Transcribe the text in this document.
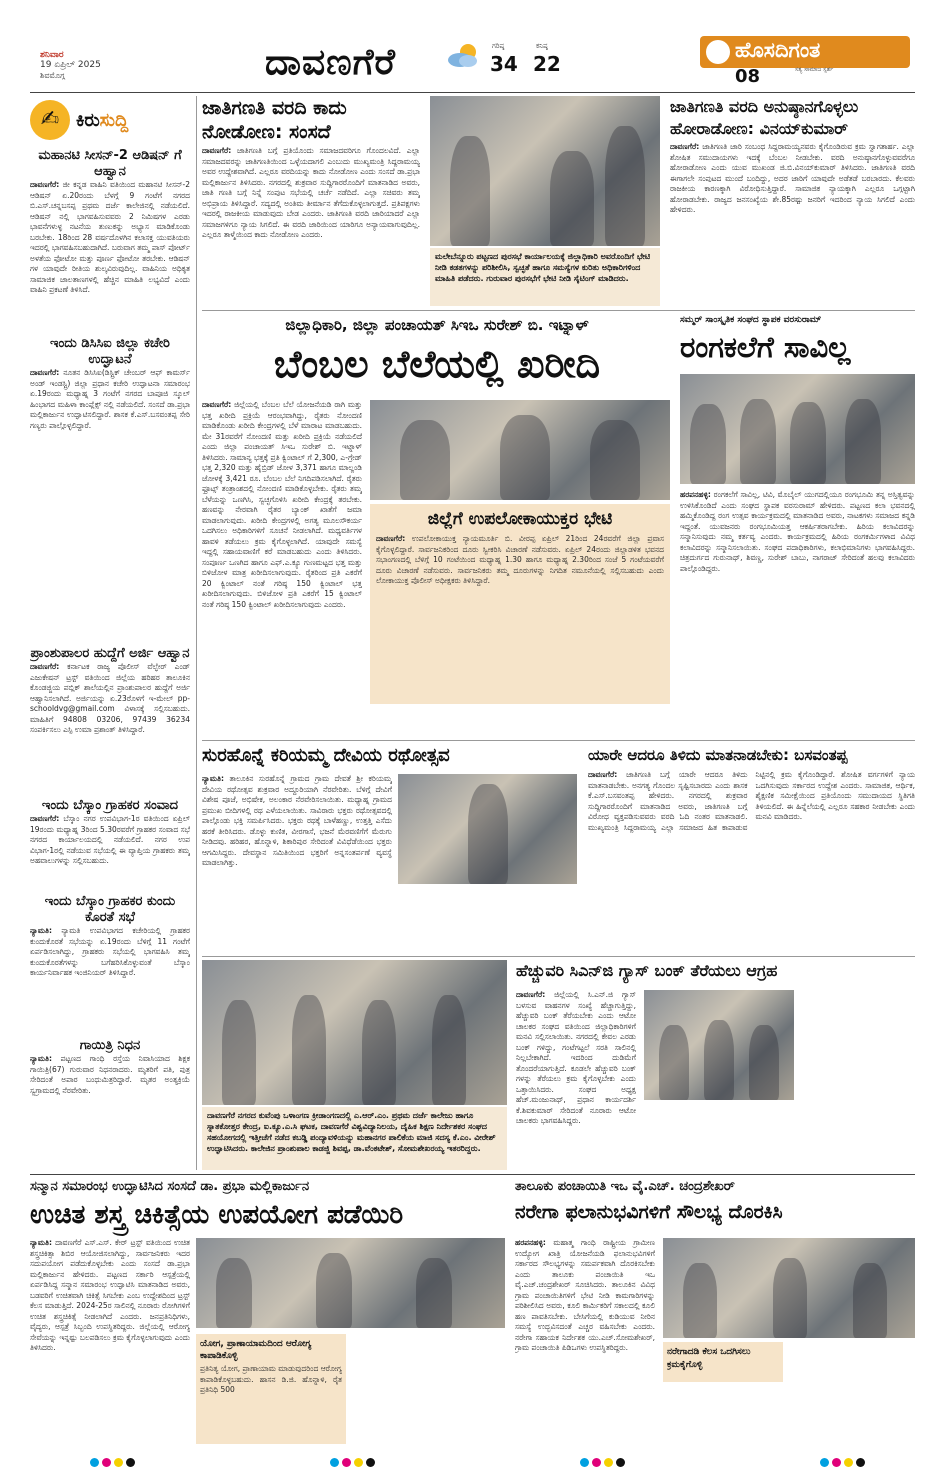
ಶನಿವಾರ
19 ಏಪ್ರಿಲ್ 2025
ಶಿವಮೊಗ್ಗ	ದಾವಣಗೆರೆ	ಗರಿಷ್ಠ
34
ಕನಿಷ್ಠ
22
ಹೊಸದಿಗಂತ
ಸತ್ಯ ಸಾಮಾಜ ಸ್ಪರ್ಶ
08
✍ ಕಿರು ಸುದ್ದಿ
ಮಹಾನಟಿ ಸೀಸನ್-2 ಆಡಿಷನ್ ಗೆ ಆಹ್ವಾನ
ದಾವಣಗೆರೆ: ಜೀ ಕನ್ನಡ ವಾಹಿನಿ ವತಿಯಿಂದ ಮಹಾನಟಿ ಸೀಸನ್-2 ಆಡಿಷನ್ ಏ.20ರಂದು ಬೆಳಗ್ಗೆ 9 ಗಂಟೆಗೆ ನಗರದ ಬಿ.ಎಸ್.ಚನ್ನಬಸಪ್ಪ ಪ್ರಥಮ ದರ್ಜೆ ಕಾಲೇಜಿನಲ್ಲಿ ನಡೆಯಲಿದೆ. ಆಡಿಷನ್ ನಲ್ಲಿ ಭಾಗವಹಿಸುವವರು 2 ನಿಮಿಷಗಳ ಎರಡು ಭಾವನೆಗಳುಳ್ಳ ನಟನೆಯ ತುಣುಕನ್ನು ಅಭ್ಯಾಸ ಮಾಡಿಕೊಂಡು ಬರಬೇಕು. 18ರಿಂದ 28 ವರ್ಷದೊಳಗಿನ ಕಲಾಸಕ್ತ ಯುವತಿಯರು ಇದರಲ್ಲಿ ಭಾಗವಹಿಸಬಹುದಾಗಿದೆ. ಬರುವಾಗ ತಮ್ಮ ಪಾಸ್ ಪೋರ್ಟ್ ಅಳತೆಯ ಫೋಟೋ ಮತ್ತು ಪೂರ್ಣ ಫೋಟೋ ತರಬೇಕು. ಆಡಿಷನ್ ಗಳ ಯಾವುದೇ ರೀತಿಯ ಶುಲ್ಕವಿರುವುದಿಲ್ಲ. ವಾಹಿನಿಯ ಅಧಿಕೃತ ಸಾಮಾಜಿಕ ಜಾಲತಾಣಗಳಲ್ಲಿ ಹೆಚ್ಚಿನ ಮಾಹಿತಿ ಲಭ್ಯವಿದೆ ಎಂದು ವಾಹಿನಿ ಪ್ರಕಟಣೆ ತಿಳಿಸಿದೆ.
ಇಂದು ಡಿಸಿಸಿಐ ಜಿಲ್ಲಾ ಕಚೇರಿ ಉದ್ಘಾಟನೆ
ದಾವಣಗೆರೆ: ನೂತನ ಡಿಸಿಸಿಐ(ಡಿಸ್ಟ್ರಿಕ್ ಚೇಂಬರ್ ಆಫ್ ಕಾಮರ್ಸ್ ಅಂಡ್ ಇಂಡಸ್ಟ್ರಿ) ಜಿಲ್ಲಾ ಪ್ರಧಾನ ಕಚೇರಿ ಉದ್ಘಾಟನಾ ಸಮಾರಂಭ ಏ.19ರಂದು ಮಧ್ಯಾಹ್ನ 3 ಗಂಟೆಗೆ ನಗರದ ಬಾಪೂಜಿ ಸ್ಕೂಲ್ ಹಿಂಭಾಗದ ಮಹಿಳಾ ಕಾಂಪ್ಲೆಕ್ಸ್ ನಲ್ಲಿ ನಡೆಯಲಿದೆ. ಸಂಸದೆ ಡಾ.ಪ್ರಭಾ ಮಲ್ಲಿಕಾರ್ಜುನ ಉದ್ಘಾಟಿಸಲಿದ್ದಾರೆ. ಶಾಸಕ ಕೆ.ಎಸ್.ಬಸವಂತಪ್ಪ ಸೇರಿ ಗಣ್ಯರು ಪಾಲ್ಗೊಳ್ಳಲಿದ್ದಾರೆ.
ಪ್ರಾಂಶುಪಾಲರ ಹುದ್ದೆಗೆ ಅರ್ಜಿ ಆಹ್ವಾನ
ದಾವಣಗೆರೆ: ಕರ್ನಾಟಕ ರಾಜ್ಯ ಪೊಲೀಸ್ ವೆಲ್ಫೇರ್ ಎಂಡ್ ಎಜುಕೇಷನ್ ಟ್ರಸ್ಟ್ ವತಿಯಿಂದ ಜಿಲ್ಲೆಯ ಹರಿಹರ ತಾಲೂಕಿನ ಕೊಂಡಜ್ಜಿಯ ಪಬ್ಲಿಕ್ ಶಾಲೆಯಲ್ಲಿನ ಪ್ರಾಂಶುಪಾಲರ ಹುದ್ದೆಗೆ ಅರ್ಜಿ ಆಹ್ವಾನಿಸಲಾಗಿದೆ. ಅರ್ಜಿಯನ್ನು ಏ.23ರೊಳಗೆ ಇ-ಮೇಲ್ pp-schooldvg@gmail.com ವಿಳಾಸಕ್ಕೆ ಸಲ್ಲಿಸಬಹುದು. ಮಾಹಿತಿಗೆ 94808 03206, 97439 36234 ಸಂಪರ್ಕಿಸಲು ಎಸ್ಪಿ ಉಮಾ ಪ್ರಶಾಂತ್ ತಿಳಿಸಿದ್ದಾರೆ.
ಇಂದು ಬೆಸ್ಕಾಂ ಗ್ರಾಹಕರ ಸಂವಾದ
ದಾವಣಗೆರೆ: ಬೆಸ್ಕಾಂ ನಗರ ಉಪವಿಭಾಗ-1ರ ವತಿಯಿಂದ ಏಪ್ರಿಲ್ 19ರಂದು ಮಧ್ಯಾಹ್ನ 3ರಿಂದ 5.30ರವರೆಗೆ ಗ್ರಾಹಕರ ಸಂವಾದ ಸಭೆ ನಗರದ ಕಾರ್ಯಾಲಯದಲ್ಲಿ ನಡೆಯಲಿದೆ. ನಗರ ಉಪ ವಿಭಾಗ-1ರಲ್ಲಿ ನಡೆಯುವ ಸಭೆಯಲ್ಲಿ ಈ ವ್ಯಾಪ್ತಿಯ ಗ್ರಾಹಕರು ತಮ್ಮ ಅಹವಾಲುಗಳನ್ನು ಸಲ್ಲಿಸಬಹುದು.
ಇಂದು ಬೆಸ್ಕಾಂ ಗ್ರಾಹಕರ ಕುಂದು ಕೊರತೆ ಸಭೆ
ನ್ಯಾಮತಿ: ನ್ಯಾಮತಿ ಉಪವಿಭಾಗದ ಕಚೇರಿಯಲ್ಲಿ ಗ್ರಾಹಕರ ಕುಂದುಕೊರತೆ ಸಭೆಯನ್ನು ಏ.19ರಂದು ಬೆಳಿಗ್ಗೆ 11 ಗಂಟೆಗೆ ಏರ್ಪಡಿಸಲಾಗಿದ್ದು, ಗ್ರಾಹಕರು ಸಭೆಯಲ್ಲಿ ಭಾಗವಹಿಸಿ ತಮ್ಮ ಕುಂದುಕೊರತೆಗಳನ್ನು ಬಗೆಹರಿಸಿಕೊಳ್ಳುವಂತೆ ಬೆಸ್ಕಾಂ ಕಾರ್ಯನಿರ್ವಾಹಕ ಇಂಜಿನಿಯರ್ ತಿಳಿಸಿದ್ದಾರೆ.
ಗಾಯಿತ್ರಿ ನಿಧನ
ನ್ಯಾಮತಿ: ಪಟ್ಟಣದ ಗಾಂಧಿ ರಸ್ತೆಯ ನಿವಾಸಿಯಾದ ಶಿಕ್ಷಕ ಗಾಯಿತ್ರಿ(67) ಗುರುವಾರ ನಿಧನರಾದರು. ಮೃತರಿಗೆ ಪತಿ, ಪುತ್ರ ಸೇರಿದಂತೆ ಅಪಾರ ಬಂಧುಮಿತ್ರರಿದ್ದಾರೆ. ಮೃತರ ಅಂತ್ಯಕ್ರಿಯೆ ಸ್ವಗ್ರಾಮದಲ್ಲಿ ನೆರವೇರಿತು.
ಜಾತಿಗಣತಿ ವರದಿ ಕಾದು ನೋಡೋಣ: ಸಂಸದೆ
ದಾವಣಗೆರೆ: ಜಾತಿಗಣತಿ ಬಗ್ಗೆ ಪ್ರತಿಯೊಂದು ಸಮಾಜದವರಿಗೂ ಗೊಂದಲವಿದೆ. ಎಲ್ಲಾ ಸಮಾಜದವರನ್ನು ಜಾತಿಗಣತಿಯಿಂದ ಒಳ್ಳೆಯದಾಗಲಿ ಎಂಬುದು ಮುಖ್ಯಮಂತ್ರಿ ಸಿದ್ದರಾಮಯ್ಯ ಅವರ ಉದ್ದೇಶವಾಗಿದೆ. ಎಲ್ಲರೂ ವರದಿಯನ್ನು ಕಾದು ನೋಡೋಣ ಎಂದು ಸಂಸದೆ ಡಾ.ಪ್ರಭಾ ಮಲ್ಲಿಕಾರ್ಜುನ ತಿಳಿಸಿದರು. ನಗರದಲ್ಲಿ ಶುಕ್ರವಾರ ಸುದ್ದಿಗಾರರೊಂದಿಗೆ ಮಾತನಾಡಿದ ಅವರು, ಜಾತಿ ಗಣತಿ ಬಗ್ಗೆ ನಿನ್ನೆ ಸಂಪುಟ ಸಭೆಯಲ್ಲಿ ಚರ್ಚೆ ನಡೆದಿದೆ. ಎಲ್ಲಾ ಸಚಿವರು ತಮ್ಮ ಅಭಿಪ್ರಾಯ ತಿಳಿಸಿದ್ದಾರೆ. ಸದ್ಯದಲ್ಲಿ ಅಂತಿಮ ತೀರ್ಮಾನ ತೆಗೆದುಕೊಳ್ಳಲಾಗುತ್ತದೆ. ಪ್ರತಿಪಕ್ಷಗಳು ಇದರಲ್ಲಿ ರಾಜಕೀಯ ಮಾಡುವುದು ಬೇಡ ಎಂದರು. ಜಾತಿಗಣತಿ ವರದಿ ಜಾರಿಯಾದರೆ ಎಲ್ಲಾ ಸಮಾಜಗಳಿಗೂ ನ್ಯಾಯ ಸಿಗಲಿದೆ. ಈ ವರದಿ ಜಾರಿಯಿಂದ ಯಾರಿಗೂ ಅನ್ಯಾಯವಾಗುವುದಿಲ್ಲ. ಎಲ್ಲರೂ ತಾಳ್ಮೆಯಿಂದ ಕಾದು ನೋಡೋಣ ಎಂದರು.
ಮಲೇಬೆನ್ನೂರು ಪಟ್ಟಣದ ಪುರಸಭೆ ಕಾರ್ಯಾಲಯಕ್ಕೆ ಜಿಲ್ಲಾಧಿಕಾರಿ ಅವರೊಂದಿಗೆ ಭೇಟಿ ನೀಡಿ ಕಡತಗಳನ್ನು ಪರಿಶೀಲಿಸಿ, ಸ್ವಚ್ಛತೆ ಹಾಗೂ ಸಮಸ್ಯೆಗಳ ಕುರಿತು ಅಧಿಕಾರಿಗಳಿಂದ ಮಾಹಿತಿ ಪಡೆದರು. ಗುರುವಾರ ಪುರಸಭೆಗೆ ಭೇಟಿ ನೀಡಿ ಸೈಟಿಂಗ್ ಮಾಡಿದರು.
ಜಾತಿಗಣತಿ ವರದಿ ಅನುಷ್ಠಾನಗೊಳ್ಳಲು ಹೋರಾಡೋಣ: ವಿನಯ್‌ಕುಮಾರ್
ದಾವಣಗೆರೆ: ಜಾತಿಗಣತಿ ಜಾರಿ ಸಂಬಂಧ ಸಿದ್ದರಾಮಯ್ಯನವರು ಕೈಗೊಂಡಿರುವ ಕ್ರಮ ಸ್ವಾಗತಾರ್ಹ. ಎಲ್ಲಾ ಶೋಷಿತ ಸಮುದಾಯಗಳು ಇದಕ್ಕೆ ಬೆಂಬಲ ನೀಡಬೇಕು. ವರದಿ ಅನುಷ್ಠಾನಗೊಳ್ಳುವವರೆಗೂ ಹೋರಾಡೋಣ ಎಂದು ಯುವ ಮುಖಂಡ ಜಿ.ಬಿ.ವಿನಯ್‌ಕುಮಾರ್ ತಿಳಿಸಿದರು. ಜಾತಿಗಣತಿ ವರದಿ ಈಗಾಗಲೇ ಸಂಪುಟದ ಮುಂದೆ ಬಂದಿದ್ದು, ಅದರ ಜಾರಿಗೆ ಯಾವುದೇ ಅಡೆತಡೆ ಬರಬಾರದು. ಕೆಲವರು ರಾಜಕೀಯ ಕಾರಣಕ್ಕಾಗಿ ವಿರೋಧಿಸುತ್ತಿದ್ದಾರೆ. ಸಾಮಾಜಿಕ ನ್ಯಾಯಕ್ಕಾಗಿ ಎಲ್ಲರೂ ಒಗ್ಗಟ್ಟಾಗಿ ಹೋರಾಡಬೇಕು. ರಾಜ್ಯದ ಜನಸಂಖ್ಯೆಯ ಶೇ.85ರಷ್ಟು ಜನರಿಗೆ ಇದರಿಂದ ನ್ಯಾಯ ಸಿಗಲಿದೆ ಎಂದು ಹೇಳಿದರು.
ಜಿಲ್ಲಾಧಿಕಾರಿ, ಜಿಲ್ಲಾ ಪಂಚಾಯತ್ ಸಿಇಒ ಸುರೇಶ್ ಬಿ. ಇಟ್ನಾಳ್
ಬೆಂಬಲ ಬೆಲೆಯಲ್ಲಿ ಖರೀದಿ
ದಾವಣಗೆರೆ: ಜಿಲ್ಲೆಯಲ್ಲಿ ಬೆಂಬಲ ಬೆಲೆ ಯೋಜನೆಯಡಿ ರಾಗಿ ಮತ್ತು ಭತ್ತ ಖರೀದಿ ಪ್ರಕ್ರಿಯೆ ಆರಂಭವಾಗಿದ್ದು, ರೈತರು ನೋಂದಣಿ ಮಾಡಿಕೊಂಡು ಖರೀದಿ ಕೇಂದ್ರಗಳಲ್ಲಿ ಬೆಳೆ ಮಾರಾಟ ಮಾಡಬಹುದು. ಮೇ 31ರವರೆಗೆ ನೋಂದಣಿ ಮತ್ತು ಖರೀದಿ ಪ್ರಕ್ರಿಯೆ ನಡೆಯಲಿದೆ ಎಂದು ಜಿಲ್ಲಾ ಪಂಚಾಯತ್ ಸಿಇಒ ಸುರೇಶ್ ಬಿ. ಇಟ್ನಾಳ್ ತಿಳಿಸಿದರು. ಸಾಮಾನ್ಯ ಭತ್ತಕ್ಕೆ ಪ್ರತಿ ಕ್ವಿಂಟಾಲ್ ಗೆ 2,300, ಎ-ಗ್ರೇಡ್ ಭತ್ತ 2,320 ಮತ್ತು ಹೈಬ್ರಿಡ್ ಜೋಳ 3,371 ಹಾಗೂ ಮಾಲ್ದಂಡಿ ಜೋಳಕ್ಕೆ 3,421 ರೂ. ಬೆಂಬಲ ಬೆಲೆ ನಿಗದಿಪಡಿಸಲಾಗಿದೆ. ರೈತರು ಫ್ರೂಟ್ಸ್ ತಂತ್ರಾಂಶದಲ್ಲಿ ನೋಂದಣಿ ಮಾಡಿಕೊಳ್ಳಬೇಕು. ರೈತರು ತಮ್ಮ ಬೆಳೆಯನ್ನು ಒಣಗಿಸಿ, ಸ್ವಚ್ಛಗೊಳಿಸಿ ಖರೀದಿ ಕೇಂದ್ರಕ್ಕೆ ತರಬೇಕು. ಹಣವನ್ನು ನೇರವಾಗಿ ರೈತರ ಬ್ಯಾಂಕ್ ಖಾತೆಗೆ ಜಮಾ ಮಾಡಲಾಗುವುದು. ಖರೀದಿ ಕೇಂದ್ರಗಳಲ್ಲಿ ಅಗತ್ಯ ಮೂಲಸೌಕರ್ಯ ಒದಗಿಸಲು ಅಧಿಕಾರಿಗಳಿಗೆ ಸೂಚನೆ ನೀಡಲಾಗಿದೆ. ಮಧ್ಯವರ್ತಿಗಳ ಹಾವಳಿ ತಡೆಯಲು ಕ್ರಮ ಕೈಗೊಳ್ಳಲಾಗಿದೆ. ಯಾವುದೇ ಸಮಸ್ಯೆ ಇದ್ದಲ್ಲಿ ಸಹಾಯವಾಣಿಗೆ ಕರೆ ಮಾಡಬಹುದು ಎಂದು ತಿಳಿಸಿದರು. ಸಂಪೂರ್ಣ ಒಣಗಿದ ಹಾಗೂ ಎಫ್.ಎ.ಕ್ಯೂ ಗುಣಮಟ್ಟದ ಭತ್ತ ಮತ್ತು ಬಿಳಿಜೋಳ ಮಾತ್ರ ಖರೀದಿಸಲಾಗುವುದು. ರೈತರಿಂದ ಪ್ರತಿ ಎಕರೆಗೆ 20 ಕ್ವಿಂಟಾಲ್ ನಂತೆ ಗರಿಷ್ಠ 150 ಕ್ವಿಂಟಾಲ್ ಭತ್ತ ಖರೀದಿಸಲಾಗುವುದು. ಬಿಳಿಜೋಳ ಪ್ರತಿ ಎಕರೆಗೆ 15 ಕ್ವಿಂಟಾಲ್ ನಂತೆ ಗರಿಷ್ಠ 150 ಕ್ವಿಂಟಾಲ್ ಖರೀದಿಸಲಾಗುವುದು ಎಂದರು.
ಜಿಲ್ಲೆಗೆ ಉಪಲೋಕಾಯುಕ್ತರ ಭೇಟಿ
ದಾವಣಗೆರೆ: ಉಪಲೋಕಾಯುಕ್ತ ನ್ಯಾಯಮೂರ್ತಿ ಬಿ. ವೀರಪ್ಪ ಏಪ್ರಿಲ್ 21ರಿಂದ 24ರವರೆಗೆ ಜಿಲ್ಲಾ ಪ್ರವಾಸ ಕೈಗೊಳ್ಳಲಿದ್ದಾರೆ. ಸಾರ್ವಜನಿಕರಿಂದ ದೂರು ಸ್ವೀಕರಿಸಿ ವಿಚಾರಣೆ ನಡೆಸುವರು. ಏಪ್ರಿಲ್ 24ರಂದು ಜಿಲ್ಲಾಡಳಿತ ಭವನದ ಸಭಾಂಗಣದಲ್ಲಿ ಬೆಳಿಗ್ಗೆ 10 ಗಂಟೆಯಿಂದ ಮಧ್ಯಾಹ್ನ 1.30 ಹಾಗೂ ಮಧ್ಯಾಹ್ನ 2.30ರಿಂದ ಸಂಜೆ 5 ಗಂಟೆಯವರೆಗೆ ದೂರು ವಿಚಾರಣೆ ನಡೆಸುವರು. ಸಾರ್ವಜನಿಕರು ತಮ್ಮ ದೂರುಗಳನ್ನು ನಿಗದಿತ ನಮೂನೆಯಲ್ಲಿ ಸಲ್ಲಿಸಬಹುದು ಎಂದು ಲೋಕಾಯುಕ್ತ ಪೊಲೀಸ್ ಅಧೀಕ್ಷಕರು ತಿಳಿಸಿದ್ದಾರೆ.
ಸಮ್ಮರ್ ಸಾಂಸ್ಕೃತಿಕ ಸಂಘದ ಸ್ಥಾಪಕ ವರಸುರಾಮ್
ರಂಗಕಲೆಗೆ ಸಾವಿಲ್ಲ
ಹರಪನಹಳ್ಳಿ: ರಂಗಕಲೆಗೆ ಸಾವಿಲ್ಲ, ಟಿವಿ, ಮೊಬೈಲ್ ಯುಗದಲ್ಲಿಯೂ ರಂಗಭೂಮಿ ತನ್ನ ಅಸ್ತಿತ್ವವನ್ನು ಉಳಿಸಿಕೊಂಡಿದೆ ಎಂದು ಸಂಘದ ಸ್ಥಾಪಕ ವರಸುರಾಮ್ ಹೇಳಿದರು. ಪಟ್ಟಣದ ಕಲಾ ಭವನದಲ್ಲಿ ಹಮ್ಮಿಕೊಂಡಿದ್ದ ರಂಗ ಉತ್ಸವ ಕಾರ್ಯಕ್ರಮದಲ್ಲಿ ಮಾತನಾಡಿದ ಅವರು, ನಾಟಕಗಳು ಸಮಾಜದ ಕನ್ನಡಿ ಇದ್ದಂತೆ. ಯುವಜನರು ರಂಗಭೂಮಿಯತ್ತ ಆಕರ್ಷಿತರಾಗಬೇಕು. ಹಿರಿಯ ಕಲಾವಿದರನ್ನು ಸನ್ಮಾನಿಸುವುದು ನಮ್ಮ ಕರ್ತವ್ಯ ಎಂದರು. ಕಾರ್ಯಕ್ರಮದಲ್ಲಿ ಹಿರಿಯ ರಂಗಕರ್ಮಿಗಳಾದ ವಿವಿಧ ಕಲಾವಿದರನ್ನು ಸನ್ಮಾನಿಸಲಾಯಿತು. ಸಂಘದ ಪದಾಧಿಕಾರಿಗಳು, ಕಲಾಭಿಮಾನಿಗಳು ಭಾಗವಹಿಸಿದ್ದರು. ಚಿತ್ರದುರ್ಗದ ಗುರುನಾಥ್, ಶಿವಣ್ಣ, ಸುರೇಶ್ ಬಾಬು, ನಾಗರಾಜ್ ಸೇರಿದಂತೆ ಹಲವು ಕಲಾವಿದರು ಪಾಲ್ಗೊಂಡಿದ್ದರು.
ಸುರಹೊನ್ನೆ ಕರಿಯಮ್ಮ ದೇವಿಯ ರಥೋತ್ಸವ
ನ್ಯಾಮತಿ: ತಾಲೂಕಿನ ಸುರಹೊನ್ನೆ ಗ್ರಾಮದ ಗ್ರಾಮ ದೇವತೆ ಶ್ರೀ ಕರಿಯಮ್ಮ ದೇವಿಯ ರಥೋತ್ಸವ ಶುಕ್ರವಾರ ಅದ್ದೂರಿಯಾಗಿ ನೆರವೇರಿತು. ಬೆಳಿಗ್ಗೆ ದೇವಿಗೆ ವಿಶೇಷ ಪೂಜೆ, ಅಭಿಷೇಕ, ಅಲಂಕಾರ ನೆರವೇರಿಸಲಾಯಿತು. ಮಧ್ಯಾಹ್ನ ಗ್ರಾಮದ ಪ್ರಮುಖ ಬೀದಿಗಳಲ್ಲಿ ರಥ ಎಳೆಯಲಾಯಿತು. ಸಾವಿರಾರು ಭಕ್ತರು ರಥೋತ್ಸವದಲ್ಲಿ ಪಾಲ್ಗೊಂಡು ಭಕ್ತಿ ಸಮರ್ಪಿಸಿದರು. ಭಕ್ತರು ರಥಕ್ಕೆ ಬಾಳೆಹಣ್ಣು, ಉತ್ತತ್ತಿ ಎಸೆದು ಹರಕೆ ತೀರಿಸಿದರು. ಡೊಳ್ಳು ಕುಣಿತ, ವೀರಗಾಸೆ, ಭಜನೆ ಮೆರವಣಿಗೆಗೆ ಮೆರುಗು ನೀಡಿದವು. ಹರಿಹರ, ಹೊನ್ನಾಳಿ, ಶಿಕಾರಿಪುರ ಸೇರಿದಂತೆ ವಿವಿಧೆಡೆಯಿಂದ ಭಕ್ತರು ಆಗಮಿಸಿದ್ದರು. ದೇವಸ್ಥಾನ ಸಮಿತಿಯಿಂದ ಭಕ್ತರಿಗೆ ಅನ್ನಸಂತರ್ಪಣೆ ವ್ಯವಸ್ಥೆ ಮಾಡಲಾಗಿತ್ತು.
ಯಾರೇ ಆದರೂ ತಿಳಿದು ಮಾತನಾಡಬೇಕು: ಬಸವಂತಪ್ಪ
ದಾವಣಗೆರೆ: ಜಾತಿಗಣತಿ ಬಗ್ಗೆ ಯಾರೇ ಆದರೂ ತಿಳಿದು ಮಾತನಾಡಬೇಕು. ಅನಗತ್ಯ ಗೊಂದಲ ಸೃಷ್ಟಿಸಬಾರದು ಎಂದು ಶಾಸಕ ಕೆ.ಎಸ್.ಬಸವಂತಪ್ಪ ಹೇಳಿದರು. ನಗರದಲ್ಲಿ ಶುಕ್ರವಾರ ಸುದ್ದಿಗಾರರೊಂದಿಗೆ ಮಾತನಾಡಿದ ಅವರು, ಜಾತಿಗಣತಿ ಬಗ್ಗೆ ವಿರೋಧ ವ್ಯಕ್ತಪಡಿಸುವವರು ವರದಿ ಓದಿ ನಂತರ ಮಾತನಾಡಲಿ. ಮುಖ್ಯಮಂತ್ರಿ ಸಿದ್ದರಾಮಯ್ಯ ಎಲ್ಲಾ ಸಮಾಜದ ಹಿತ ಕಾಪಾಡುವ ನಿಟ್ಟಿನಲ್ಲಿ ಕ್ರಮ ಕೈಗೊಂಡಿದ್ದಾರೆ. ಶೋಷಿತ ವರ್ಗಗಳಿಗೆ ನ್ಯಾಯ ಒದಗಿಸುವುದು ಸರ್ಕಾರದ ಉದ್ದೇಶ ಎಂದರು. ಸಾಮಾಜಿಕ, ಆರ್ಥಿಕ, ಶೈಕ್ಷಣಿಕ ಸಮೀಕ್ಷೆಯಿಂದ ಪ್ರತಿಯೊಂದು ಸಮುದಾಯದ ಸ್ಥಿತಿಗತಿ ತಿಳಿಯಲಿದೆ. ಈ ಹಿನ್ನೆಲೆಯಲ್ಲಿ ಎಲ್ಲರೂ ಸಹಕಾರ ನೀಡಬೇಕು ಎಂದು ಮನವಿ ಮಾಡಿದರು.
ದಾವಣಗೆರೆ ನಗರದ ಕುವೆಂಪು ಒಳಾಂಗಣ ಕ್ರೀಡಾಂಗಣದಲ್ಲಿ ಎ.ಆರ್.ಎಂ. ಪ್ರಥಮ ದರ್ಜೆ ಕಾಲೇಜು ಹಾಗೂ ಸ್ನಾತಕೋತ್ತರ ಕೇಂದ್ರ, ಐ.ಕ್ಯೂ.ಎ.ಸಿ ಘಟಕ, ದಾವಣಗೆರೆ ವಿಶ್ವವಿದ್ಯಾನಿಲಯ, ದೈಹಿಕ ಶಿಕ್ಷಣ ನಿರ್ದೇಶಕರ ಸಂಘದ ಸಹಯೋಗದಲ್ಲಿ ಇತ್ತೀಚೆಗೆ ನಡೆದ ಕಬಡ್ಡಿ ಪಂದ್ಯಾವಳಿಯನ್ನು ಮಹಾನಗರ ಪಾಲಿಕೆಯ ಮಾಜಿ ಸದಸ್ಯ ಕೆ.ಎಂ. ವೀರೇಶ್ ಉದ್ಘಾಟಿಸಿದರು. ಕಾಲೇಜಿನ ಪ್ರಾಂಶುಪಾಲ ಕಾಡಜ್ಜಿ ಶಿವಪ್ಪ, ಡಾ.ವೆಂಕಟೇಶ್, ಸೋಮಶೇಖರಯ್ಯ ಇತರರಿದ್ದರು.
ಹೆಚ್ಚುವರಿ ಸಿಎನ್‌ಜಿ ಗ್ಯಾಸ್ ಬಂಕ್ ತೆರೆಯಲು ಆಗ್ರಹ
ದಾವಣಗೆರೆ: ಜಿಲ್ಲೆಯಲ್ಲಿ ಸಿ.ಎನ್.ಜಿ ಗ್ಯಾಸ್ ಬಳಸುವ ವಾಹನಗಳ ಸಂಖ್ಯೆ ಹೆಚ್ಚಾಗುತ್ತಿದ್ದು, ಹೆಚ್ಚುವರಿ ಬಂಕ್ ತೆರೆಯಬೇಕು ಎಂದು ಆಟೋ ಚಾಲಕರ ಸಂಘದ ವತಿಯಿಂದ ಜಿಲ್ಲಾಧಿಕಾರಿಗಳಿಗೆ ಮನವಿ ಸಲ್ಲಿಸಲಾಯಿತು. ನಗರದಲ್ಲಿ ಕೇವಲ ಎರಡು ಬಂಕ್ ಗಳಿದ್ದು, ಗಂಟೆಗಟ್ಟಲೆ ಸರತಿ ಸಾಲಿನಲ್ಲಿ ನಿಲ್ಲಬೇಕಾಗಿದೆ. ಇದರಿಂದ ದುಡಿಮೆಗೆ ತೊಂದರೆಯಾಗುತ್ತಿದೆ. ಕೂಡಲೇ ಹೆಚ್ಚುವರಿ ಬಂಕ್ ಗಳನ್ನು ತೆರೆಯಲು ಕ್ರಮ ಕೈಗೊಳ್ಳಬೇಕು ಎಂದು ಒತ್ತಾಯಿಸಿದರು. ಸಂಘದ ಅಧ್ಯಕ್ಷ ಹೆಚ್.ಮಂಜುನಾಥ್, ಪ್ರಧಾನ ಕಾರ್ಯದರ್ಶಿ ಕೆ.ಶಿವಕುಮಾರ್ ಸೇರಿದಂತೆ ನೂರಾರು ಆಟೋ ಚಾಲಕರು ಭಾಗವಹಿಸಿದ್ದರು.
ಸನ್ಮಾನ ಸಮಾರಂಭ ಉದ್ಘಾಟಿಸಿದ ಸಂಸದೆ ಡಾ. ಪ್ರಭಾ ಮಲ್ಲಿಕಾರ್ಜುನ
ಉಚಿತ ಶಸ್ತ್ರ ಚಿಕಿತ್ಸೆಯ ಉಪಯೋಗ ಪಡೆಯಿರಿ
ನ್ಯಾಮತಿ: ದಾವಣಗೆರೆ ಎಸ್.ಎಸ್. ಕೇರ್ ಟ್ರಸ್ಟ್ ವತಿಯಿಂದ ಉಚಿತ ಶಸ್ತ್ರಚಿಕಿತ್ಸಾ ಶಿಬಿರ ಆಯೋಜಿಸಲಾಗಿದ್ದು, ಸಾರ್ವಜನಿಕರು ಇದರ ಸದುಪಯೋಗ ಪಡೆದುಕೊಳ್ಳಬೇಕು ಎಂದು ಸಂಸದೆ ಡಾ.ಪ್ರಭಾ ಮಲ್ಲಿಕಾರ್ಜುನ ಹೇಳಿದರು. ಪಟ್ಟಣದ ಸರ್ಕಾರಿ ಆಸ್ಪತ್ರೆಯಲ್ಲಿ ಏರ್ಪಡಿಸಿದ್ದ ಸನ್ಮಾನ ಸಮಾರಂಭ ಉದ್ಘಾಟಿಸಿ ಮಾತನಾಡಿದ ಅವರು, ಬಡವರಿಗೆ ಉಚಿತವಾಗಿ ಚಿಕಿತ್ಸೆ ಸಿಗಬೇಕು ಎಂಬ ಉದ್ದೇಶದಿಂದ ಟ್ರಸ್ಟ್ ಕೆಲಸ ಮಾಡುತ್ತಿದೆ. 2024-25ರ ಸಾಲಿನಲ್ಲಿ ನೂರಾರು ರೋಗಿಗಳಿಗೆ ಉಚಿತ ಶಸ್ತ್ರಚಿಕಿತ್ಸೆ ನೀಡಲಾಗಿದೆ ಎಂದರು. ಜನಪ್ರತಿನಿಧಿಗಳು, ವೈದ್ಯರು, ಆಸ್ಪತ್ರೆ ಸಿಬ್ಬಂದಿ ಉಪಸ್ಥಿತರಿದ್ದರು. ಜಿಲ್ಲೆಯಲ್ಲಿ ಆರೋಗ್ಯ ಸೇವೆಯನ್ನು ಇನ್ನಷ್ಟು ಬಲಪಡಿಸಲು ಕ್ರಮ ಕೈಗೊಳ್ಳಲಾಗುವುದು ಎಂದು ತಿಳಿಸಿದರು.	ಯೋಗ, ಪ್ರಾಣಾಯಾಮದಿಂದ ಆರೋಗ್ಯ ಕಾಪಾಡಿಕೊಳ್ಳಿ
ಪ್ರತಿನಿತ್ಯ ಯೋಗ, ಪ್ರಾಣಾಯಾಮ ಮಾಡುವುದರಿಂದ ಆರೋಗ್ಯ ಕಾಪಾಡಿಕೊಳ್ಳಬಹುದು. ಹಾಸನ ಡಿ.ಜಿ. ಹೊನ್ನಾಳಿ, ರೈತ ಪ್ರತಿನಿಧಿ 500
ತಾಲೂಕು ಪಂಚಾಯಿತಿ ಇಒ ವೈ.ಎಚ್. ಚಂದ್ರಶೇಖರ್
ನರೇಗಾ ಫಲಾನುಭವಿಗಳಿಗೆ ಸೌಲಭ್ಯ ದೊರಕಿಸಿ
ಹರಪನಹಳ್ಳಿ: ಮಹಾತ್ಮ ಗಾಂಧಿ ರಾಷ್ಟ್ರೀಯ ಗ್ರಾಮೀಣ ಉದ್ಯೋಗ ಖಾತ್ರಿ ಯೋಜನೆಯಡಿ ಫಲಾನುಭವಿಗಳಿಗೆ ಸರ್ಕಾರದ ಸೌಲಭ್ಯಗಳನ್ನು ಸಮರ್ಪಕವಾಗಿ ದೊರಕಿಸಬೇಕು ಎಂದು ತಾಲೂಕು ಪಂಚಾಯಿತಿ ಇಒ ವೈ.ಎಚ್.ಚಂದ್ರಶೇಖರ್ ಸೂಚಿಸಿದರು. ತಾಲೂಕಿನ ವಿವಿಧ ಗ್ರಾಮ ಪಂಚಾಯಿತಿಗಳಿಗೆ ಭೇಟಿ ನೀಡಿ ಕಾಮಗಾರಿಗಳನ್ನು ಪರಿಶೀಲಿಸಿದ ಅವರು, ಕೂಲಿ ಕಾರ್ಮಿಕರಿಗೆ ಸಕಾಲದಲ್ಲಿ ಕೂಲಿ ಹಣ ಪಾವತಿಸಬೇಕು. ಬೇಸಿಗೆಯಲ್ಲಿ ಕುಡಿಯುವ ನೀರಿನ ಸಮಸ್ಯೆ ಉದ್ಭವಿಸದಂತೆ ಎಚ್ಚರ ವಹಿಸಬೇಕು ಎಂದರು. ನರೇಗಾ ಸಹಾಯಕ ನಿರ್ದೇಶಕ ಯು.ಎಚ್.ಸೋಮಶೇಖರ್, ಗ್ರಾಮ ಪಂಚಾಯಿತಿ ಪಿಡಿಒಗಳು ಉಪಸ್ಥಿತರಿದ್ದರು.	ನರೇಗಾದಡಿ ಕೆಲಸ ಒದಗಿಸಲು ಕ್ರಮಕೈಗೊಳ್ಳಿ
